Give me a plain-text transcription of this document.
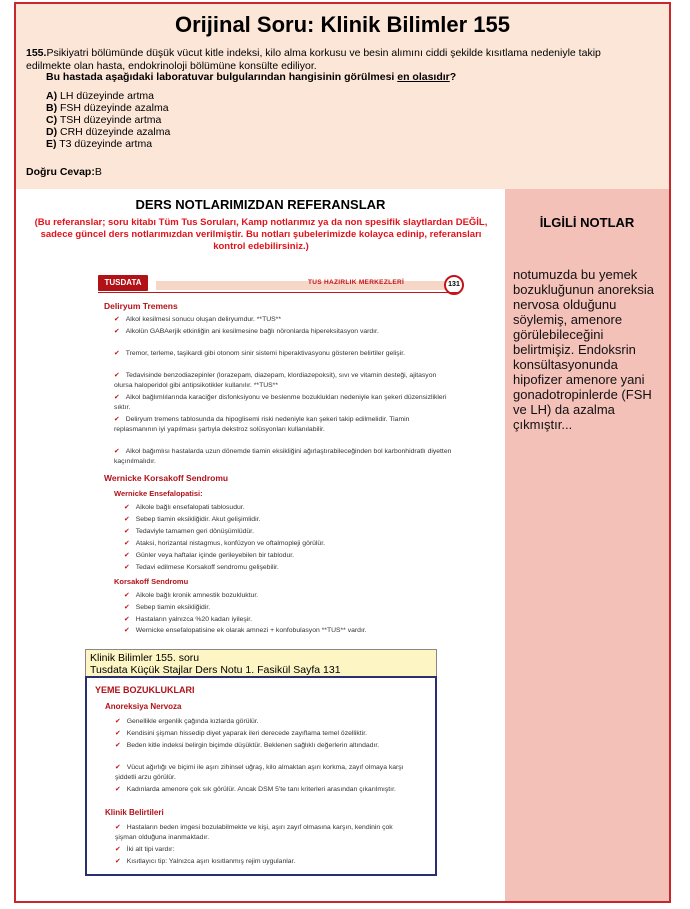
Orijinal Soru: Klinik Bilimler 155
155.Psikiyatri bölümünde düşük vücut kitle indeksi, kilo alma korkusu ve besin alımını ciddi şekilde kısıtlama nedeniyle takip edilmekte olan hasta, endokrinoloji bölümüne konsülte ediliyor.
Bu hastada aşağıdaki laboratuvar bulgularından hangisinin görülmesi en olasıdır?
A) LH düzeyinde artma
B) FSH düzeyinde azalma
C) TSH düzeyinde artma
D) CRH düzeyinde azalma
E) T3 düzeyinde artma
Doğru Cevap:B
DERS NOTLARIMIZDAN REFERANSLAR
(Bu referanslar; soru kitabı Tüm Tus Soruları, Kamp notlarımız ya da non spesifik slaytlardan DEĞİL, sadece güncel ders notlarımızdan verilmiştir. Bu notları şubelerimizde kolayca edinip, referansları kontrol edebilirsiniz.)
TUSDATA	TUS HAZIRLIK MERKEZLERİ	131
Deliryum Tremens
✔ Alkol kesilmesi sonucu oluşan deliryumdur. **TUS**
✔ Alkolün GABAerjik etkinliğin ani kesilmesine bağlı nöronlarda hipereksitasyon vardır.
✔ Tremor, terleme, taşikardi gibi otonom sinir sistemi hiperaktivasyonu gösteren belirtiler gelişir.
✔ Tedavisinde benzodiazepinler (lorazepam, diazepam, klordiazepoksit), sıvı ve vitamin desteği, ajitasyon olursa haloperidol gibi antipsikotikler kullanılır. **TUS**
✔ Alkol bağlımlılarında karaciğer disfonksiyonu ve beslenme bozuklukları nedeniyle kan şekeri düzensizlikleri sıktır.
✔ Deliryum tremens tablosunda da hipoglisemi riski nedeniyle kan şekeri takip edilmelidir. Tiamin replasmanının iyi yapılması şartıyla dekstroz solüsyonları kullanılabilir.
✔ Alkol bağımlısı hastalarda uzun dönemde tiamin eksikliğini ağırlaştırabileceğinden bol karbonhidratlı diyetten kaçınılmalıdır.
Wernicke Korsakoff Sendromu
Wernicke Ensefalopatisi:
✔ Alkole bağlı ensefalopati tablosudur.
✔ Sebep tiamin eksikliğidir. Akut gelişimlidir.
✔ Tedaviyle tamamen geri dönüşümlüdür.
✔ Ataksi, horizantal nistagmus, konfüzyon ve oftalmopleji görülür.
✔ Günler veya haftalar içinde gerileyebilen bir tablodur.
✔ Tedavi edilmese Korsakoff sendromu gelişebilir.
Korsakoff Sendromu
✔ Alkole bağlı kronik amnestik bozukluktur.
✔ Sebep tiamin eksikliğidir.
✔ Hastaların yalnızca %20 kadarı iyileşir.
✔ Wernicke ensefalopatisine ek olarak amnezi + konfobulasyon **TUS** vardır.
Klinik Bilimler 155. soru
Tusdata Küçük Stajlar Ders Notu 1. Fasikül Sayfa 131
YEME BOZUKLUKLARI
Anoreksiya Nervoza
✔ Genellikle ergenlik çağında kızlarda görülür.
✔ Kendisini şişman hissedip diyet yaparak ileri derecede zayıflama temel özelliktir.
✔ Beden kitle indeksi belirgin biçimde düşüktür. Beklenen sağlıklı değerlerin altındadır.
✔ Vücut ağırlığı ve biçimi ile aşırı zihinsel uğraş, kilo almaktan aşırı korkma, zayıf olmaya karşı şiddetli arzu görülür.
✔ Kadınlarda amenore çok sık görülür. Ancak DSM 5'te tanı kriterleri arasından çıkarılmıştır.
Klinik Belirtileri
✔ Hastaların beden imgesi bozulabilmekte ve kişi, aşırı zayıf olmasına karşın, kendinin çok şişman olduğuna inanmaktadır.
✔ İki alt tipi vardır:
✔ Kısıtlayıcı tip: Yalnızca aşırı kısıtlanmış rejim uygulanlar.
İLGİLİ NOTLAR
notumuzda bu yemek bozukluğunun anoreksia nervosa olduğunu söylemiş, amenore görülebileceğini belirtmişiz. Endoksrin konsültasyonunda hipofizer amenore yani gonadotropinlerde (FSH ve LH) da azalma çıkmıştır...
